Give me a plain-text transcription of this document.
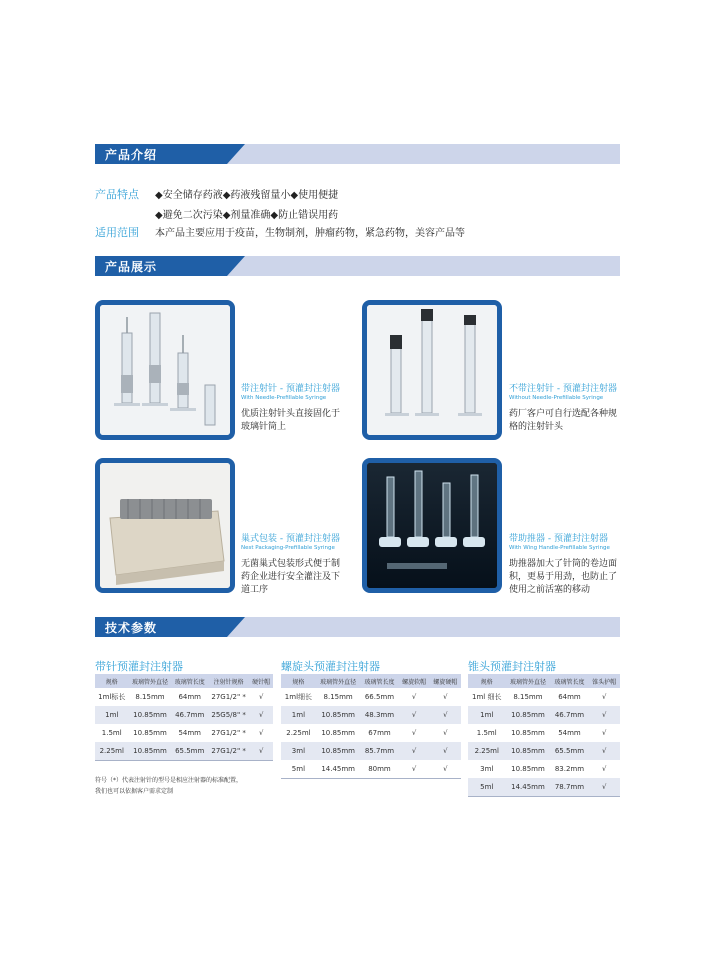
产品介绍
产品特点 ◆安全储存药液◆药液残留量小◆使用便捷
◆避免二次污染◆剂量准确◆防止错误用药
适用范围 本产品主要应用于疫苗，生物制剂，肿瘤药物，紧急药物，美容产品等
产品展示
带注射针 - 预灌封注射器
With Needle-Prefillable Syringe
优质注射针头直接固化于
玻璃针筒上
不带注射针 - 预灌封注射器
Without Needle-Prefillable Syringe
药厂客户可自行选配各种规
格的注射针头
巢式包装 - 预灌封注射器
Nest Packaging-Prefillable Syringe
无菌巢式包装形式便于制
药企业进行安全灌注及下
道工序
带助推器 - 预灌封注射器
With Wing Handle-Prefillable Syringe
助推器加大了针筒的卷边面
积，更易于用劲，也防止了
使用之前活塞的移动
技术参数
带针预灌封注射器
规格	玻璃管外直径	玻璃管长度	注射针规格	硬针帽
1ml标长	8.15mm	64mm	27G1/2" *	√
1ml	10.85mm	46.7mm	25G5/8" *	√
1.5ml	10.85mm	54mm	27G1/2" *	√
2.25ml	10.85mm	65.5mm	27G1/2" *	√
符号（*）代表注射针的型号是相应注射器的标准配置，
我们也可以依据客户需求定制
螺旋头预灌封注射器
规格	玻璃管外直径	玻璃管长度	螺旋软帽	螺旋硬帽
1ml细长	8.15mm	66.5mm	√	√
1ml	10.85mm	48.3mm	√	√
2.25ml	10.85mm	67mm	√	√
3ml	10.85mm	85.7mm	√	√
5ml	14.45mm	80mm	√	√
锥头预灌封注射器
规格	玻璃管外直径	玻璃管长度	锥头护帽
1ml 细长	8.15mm	64mm	√
1ml	10.85mm	46.7mm	√
1.5ml	10.85mm	54mm	√
2.25ml	10.85mm	65.5mm	√
3ml	10.85mm	83.2mm	√
5ml	14.45mm	78.7mm	√
